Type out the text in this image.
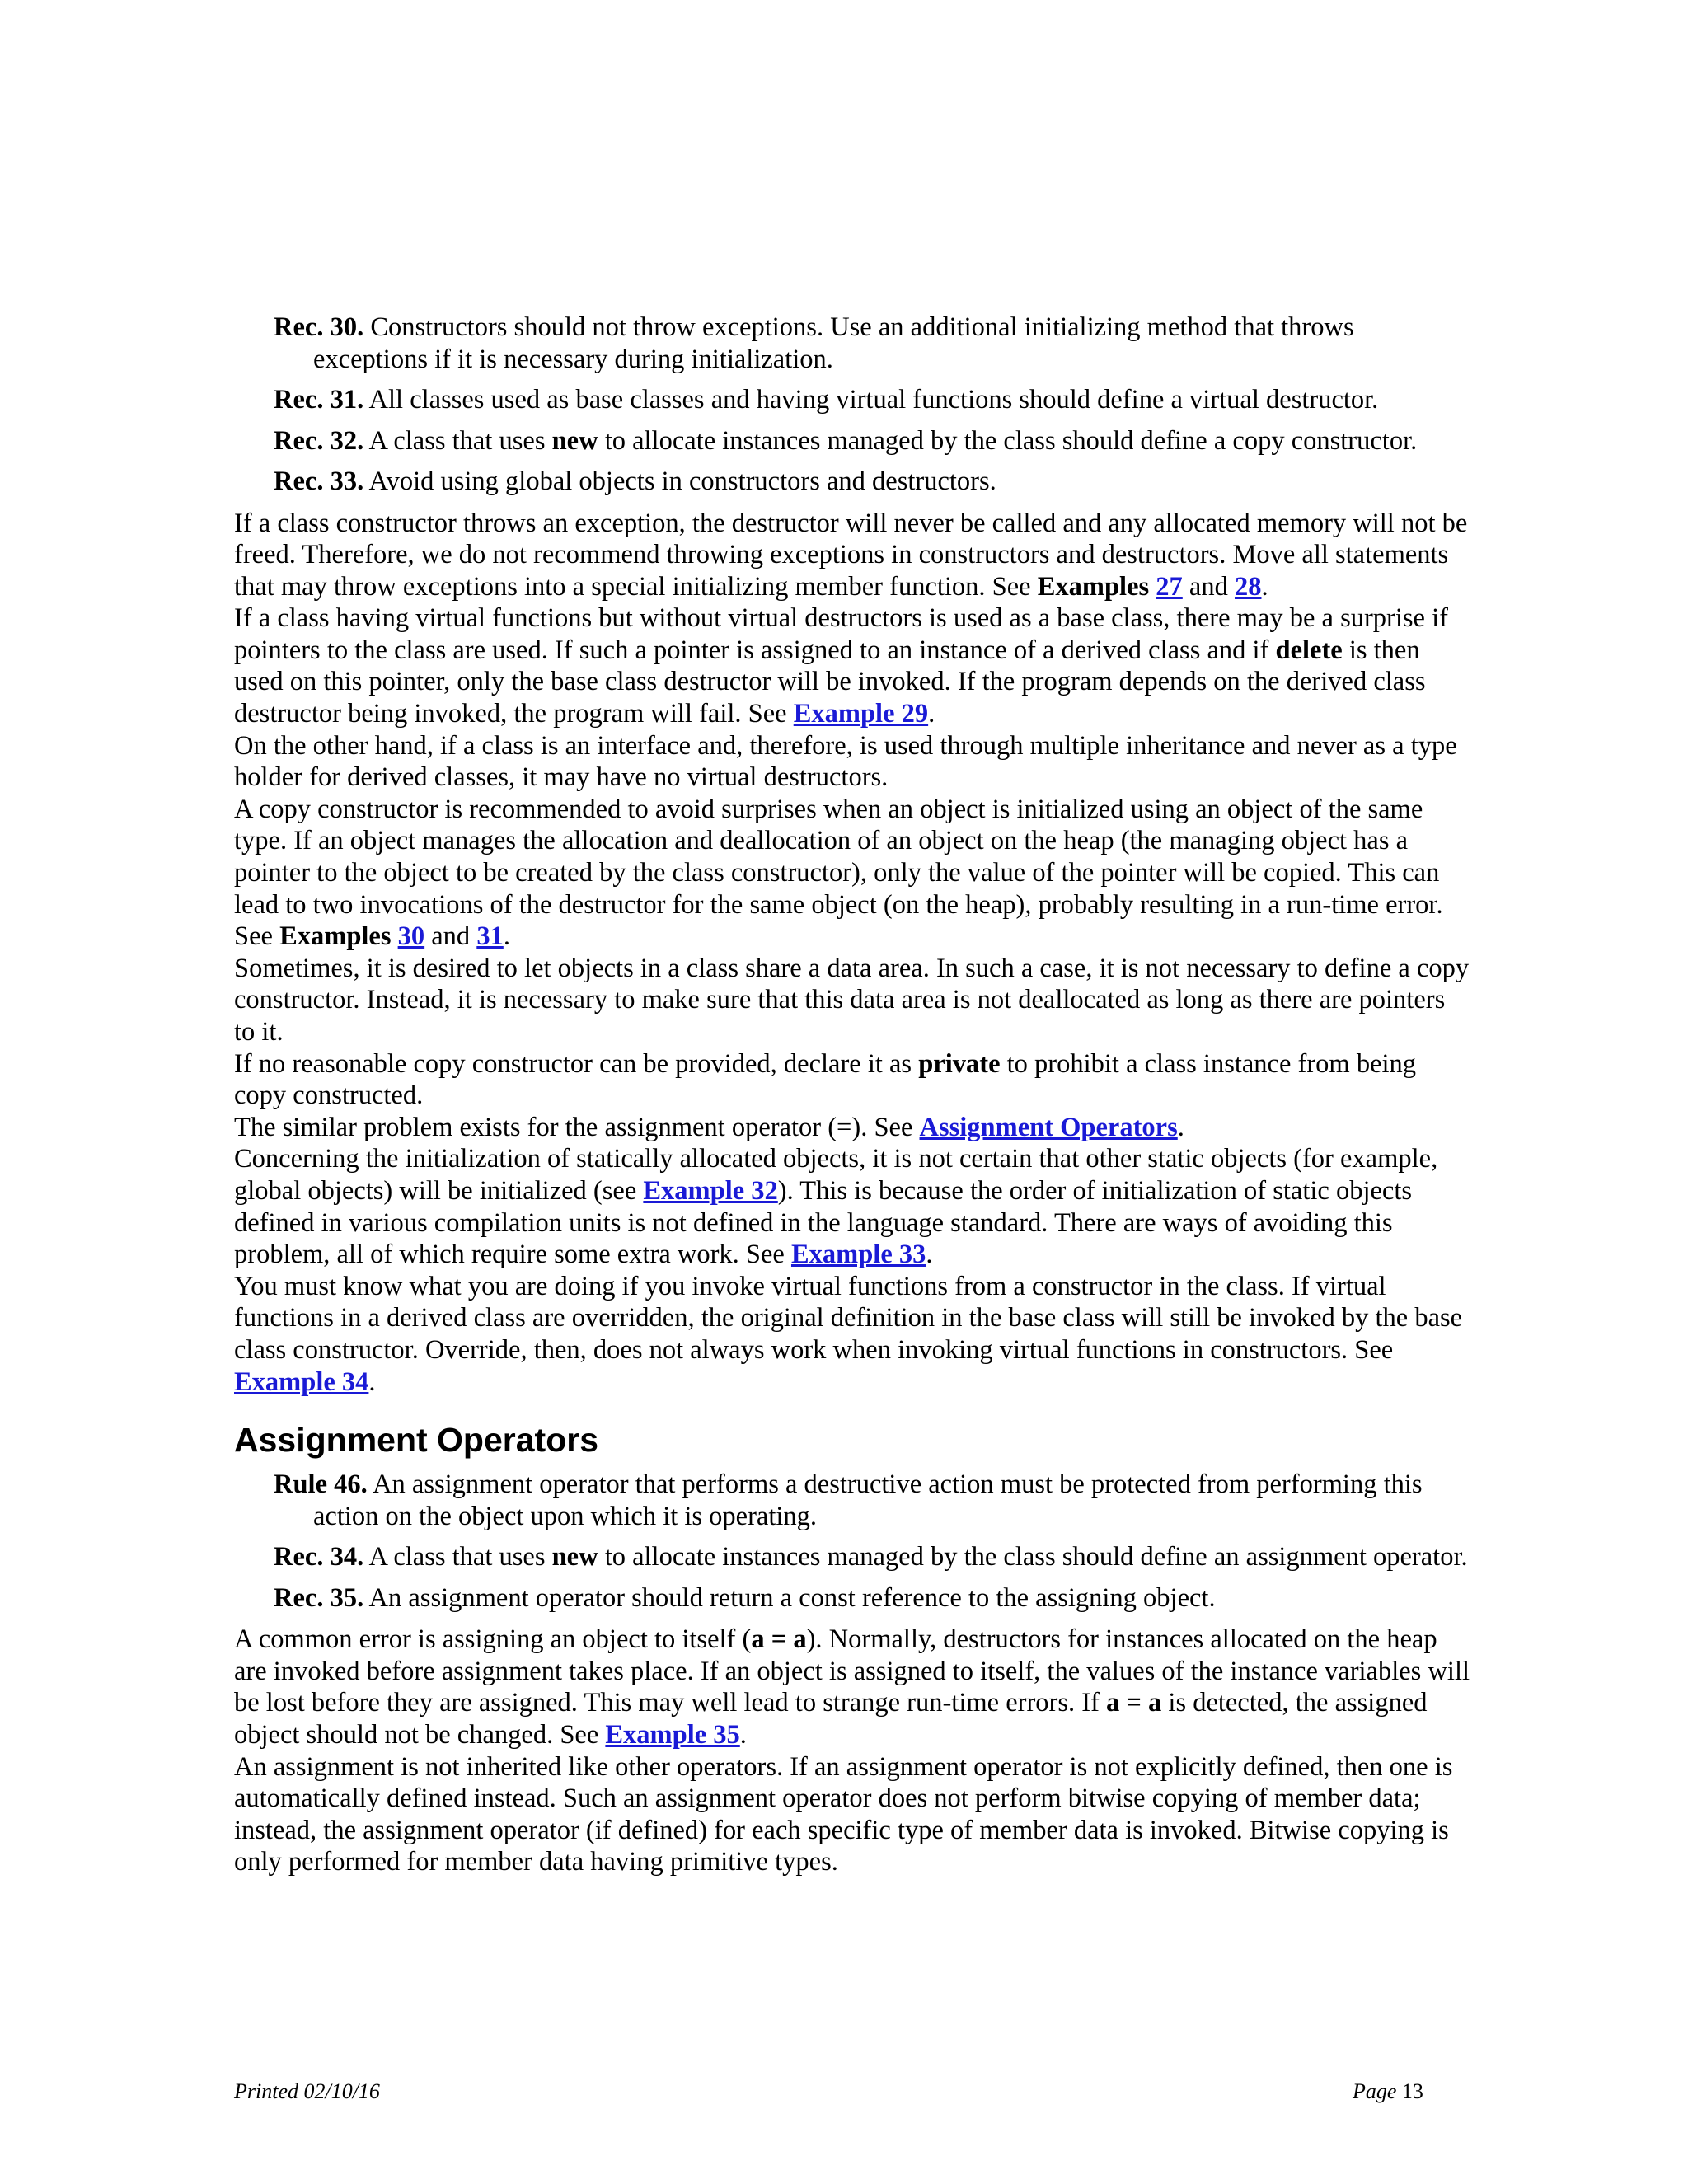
Rec. 30. Constructors should not throw exceptions. Use an additional initializing method that throws exceptions if it is necessary during initialization.

Rec. 31. All classes used as base classes and having virtual functions should define a virtual destructor.

Rec. 32. A class that uses new to allocate instances managed by the class should define a copy constructor.

Rec. 33. Avoid using global objects in constructors and destructors.

If a class constructor throws an exception, the destructor will never be called and any allocated memory will not be freed. Therefore, we do not recommend throwing exceptions in constructors and destructors. Move all statements that may throw exceptions into a special initializing member function. See Examples 27 and 28.

If a class having virtual functions but without virtual destructors is used as a base class, there may be a surprise if pointers to the class are used. If such a pointer is assigned to an instance of a derived class and if delete is then used on this pointer, only the base class destructor will be invoked. If the program depends on the derived class destructor being invoked, the program will fail. See Example 29.

On the other hand, if a class is an interface and, therefore, is used through multiple inheritance and never as a type holder for derived classes, it may have no virtual destructors.

A copy constructor is recommended to avoid surprises when an object is initialized using an object of the same type. If an object manages the allocation and deallocation of an object on the heap (the managing object has a pointer to the object to be created by the class constructor), only the value of the pointer will be copied. This can lead to two invocations of the destructor for the same object (on the heap), probably resulting in a run-time error. See Examples 30 and 31.

Sometimes, it is desired to let objects in a class share a data area. In such a case, it is not necessary to define a copy constructor. Instead, it is necessary to make sure that this data area is not deallocated as long as there are pointers to it.

If no reasonable copy constructor can be provided, declare it as private to prohibit a class instance from being copy constructed.

The similar problem exists for the assignment operator (=). See Assignment Operators.

Concerning the initialization of statically allocated objects, it is not certain that other static objects (for example, global objects) will be initialized (see Example 32). This is because the order of initialization of static objects defined in various compilation units is not defined in the language standard. There are ways of avoiding this problem, all of which require some extra work. See Example 33.

You must know what you are doing if you invoke virtual functions from a constructor in the class. If virtual functions in a derived class are overridden, the original definition in the base class will still be invoked by the base class constructor. Override, then, does not always work when invoking virtual functions in constructors. See Example 34.

Assignment Operators

Rule 46. An assignment operator that performs a destructive action must be protected from performing this action on the object upon which it is operating.

Rec. 34. A class that uses new to allocate instances managed by the class should define an assignment operator.

Rec. 35. An assignment operator should return a const reference to the assigning object.

A common error is assigning an object to itself (a = a). Normally, destructors for instances allocated on the heap are invoked before assignment takes place. If an object is assigned to itself, the values of the instance variables will be lost before they are assigned. This may well lead to strange run-time errors. If a = a is detected, the assigned object should not be changed. See Example 35.

An assignment is not inherited like other operators. If an assignment operator is not explicitly defined, then one is automatically defined instead. Such an assignment operator does not perform bitwise copying of member data; instead, the assignment operator (if defined) for each specific type of member data is invoked. Bitwise copying is only performed for member data having primitive types.

Printed 02/10/16	Page 13
